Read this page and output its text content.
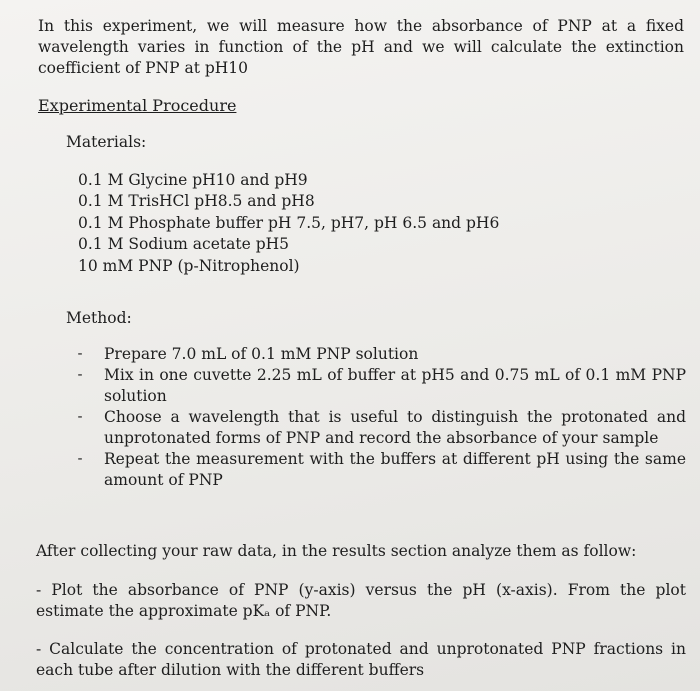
In this experiment, we will measure how the absorbance of PNP at a fixed wavelength varies in function of the pH and we will calculate the extinction coefficient of PNP at pH10

Experimental Procedure

Materials:

0.1 M Glycine pH10 and pH9
0.1 M TrisHCl pH8.5 and pH8
0.1 M Phosphate buffer pH 7.5, pH7, pH 6.5 and pH6
0.1 M Sodium acetate pH5
10 mM PNP (p-Nitrophenol)

Method:

- Prepare 7.0 mL of 0.1 mM PNP solution
- Mix in one cuvette 2.25 mL of buffer at pH5 and 0.75 mL of 0.1 mM PNP solution
- Choose a wavelength that is useful to distinguish the protonated and unprotonated forms of PNP and record the absorbance of your sample
- Repeat the measurement with the buffers at different pH using the same amount of PNP

After collecting your raw data, in the results section analyze them as follow:

- Plot the absorbance of PNP (y-axis) versus the pH (x-axis). From the plot estimate the approximate pKₐ of PNP.

- Calculate the concentration of protonated and unprotonated PNP fractions in each tube after dilution with the different buffers
